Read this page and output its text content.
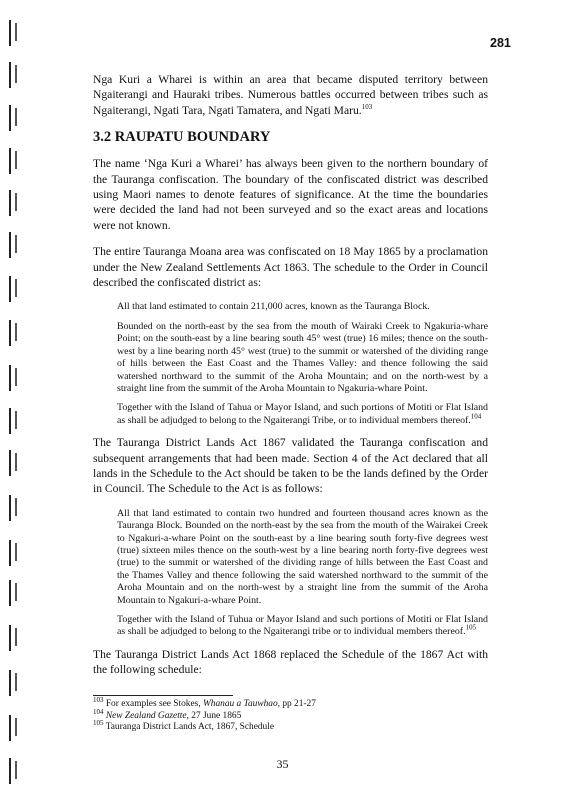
281

Nga Kuri a Wharei is within an area that became disputed territory between Ngaiterangi and Hauraki tribes. Numerous battles occurred between tribes such as Ngaiterangi, Ngati Tara, Ngati Tamatera, and Ngati Maru.$^{103}$

3.2 RAUPATU BOUNDARY

The name ‘Nga Kuri a Wharei’ has always been given to the northern boundary of the Tauranga confiscation. The boundary of the confiscated district was described using Maori names to denote features of significance. At the time the boundaries were decided the land had not been surveyed and so the exact areas and locations were not known.

The entire Tauranga Moana area was confiscated on 18 May 1865 by a proclamation under the New Zealand Settlements Act 1863. The schedule to the Order in Council described the confiscated district as:

All that land estimated to contain 211,000 acres, known as the Tauranga Block.

Bounded on the north-east by the sea from the mouth of Wairaki Creek to Ngakuria-whare Point; on the south-east by a line bearing south 45° west (true) 16 miles; thence on the south-west by a line bearing north 45° west (true) to the summit or watershed of the dividing range of hills between the East Coast and the Thames Valley: and thence following the said watershed northward to the summit of the Aroha Mountain; and on the north-west by a straight line from the summit of the Aroha Mountain to Ngakuria-whare Point.

Together with the Island of Tahua or Mayor Island, and such portions of Motiti or Flat Island as shall be adjudged to belong to the Ngaiterangi Tribe, or to individual members thereof.$^{104}$

The Tauranga District Lands Act 1867 validated the Tauranga confiscation and subsequent arrangements that had been made. Section 4 of the Act declared that all lands in the Schedule to the Act should be taken to be the lands defined by the Order in Council. The Schedule to the Act is as follows:

All that land estimated to contain two hundred and fourteen thousand acres known as the Tauranga Block. Bounded on the north-east by the sea from the mouth of the Wairakei Creek to Ngakuri-a-whare Point on the south-east by a line bearing south forty-five degrees west (true) sixteen miles thence on the south-west by a line bearing north forty-five degrees west (true) to the summit or watershed of the dividing range of hills between the East Coast and the Thames Valley and thence following the said watershed northward to the summit of the Aroha Mountain and on the north-west by a straight line from the summit of the Aroha Mountain to Ngakuri-a-whare Point.

Together with the Island of Tuhua or Mayor Island and such portions of Motiti or Flat Island as shall be adjudged to belong to the Ngaiterangi tribe or to individual members thereof.$^{105}$

The Tauranga District Lands Act 1868 replaced the Schedule of the 1867 Act with the following schedule:

$^{103}$ For examples see Stokes, Whanau a Tauwhao, pp 21-27

$^{104}$ New Zealand Gazette, 27 June 1865

$^{105}$ Tauranga District Lands Act, 1867, Schedule

35
